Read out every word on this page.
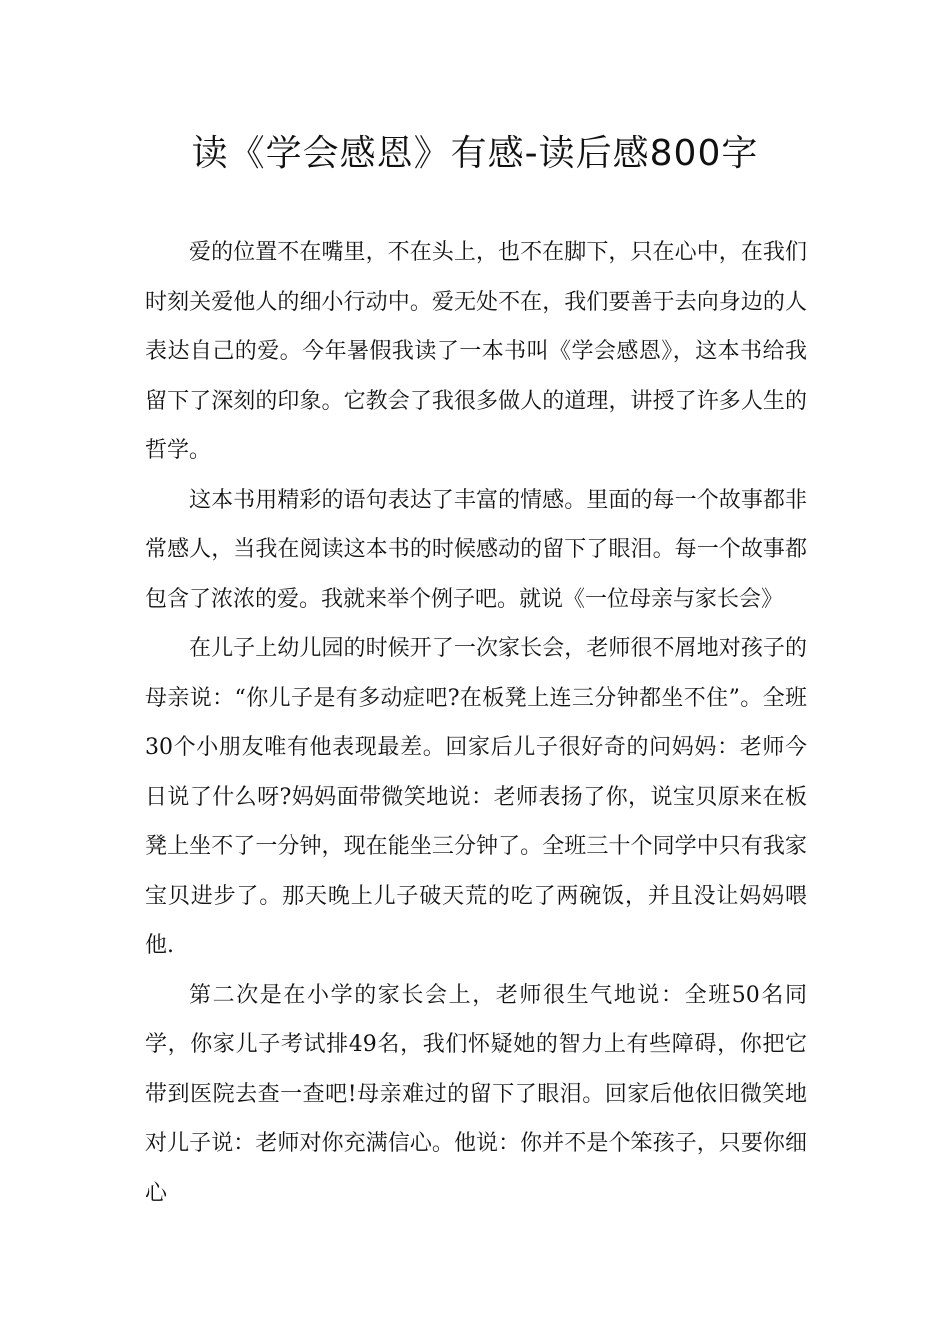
读《学会感恩》有感-读后感800字

爱的位置不在嘴里，不在头上，也不在脚下，只在心中，在我们时刻关爱他人的细小行动中。爱无处不在，我们要善于去向身边的人表达自己的爱。今年暑假我读了一本书叫《学会感恩》，这本书给我留下了深刻的印象。它教会了我很多做人的道理，讲授了许多人生的哲学。

这本书用精彩的语句表达了丰富的情感。里面的每一个故事都非常感人，当我在阅读这本书的时候感动的留下了眼泪。每一个故事都包含了浓浓的爱。我就来举个例子吧。就说《一位母亲与家长会》

在儿子上幼儿园的时候开了一次家长会，老师很不屑地对孩子的母亲说：“你儿子是有多动症吧?在板凳上连三分钟都坐不住”。全班30个小朋友唯有他表现最差。回家后儿子很好奇的问妈妈：老师今日说了什么呀?妈妈面带微笑地说：老师表扬了你，说宝贝原来在板凳上坐不了一分钟，现在能坐三分钟了。全班三十个同学中只有我家宝贝进步了。那天晚上儿子破天荒的吃了两碗饭，并且没让妈妈喂他.

第二次是在小学的家长会上，老师很生气地说：全班50名同学，你家儿子考试排49名，我们怀疑她的智力上有些障碍，你把它带到医院去查一查吧!母亲难过的留下了眼泪。回家后他依旧微笑地对儿子说：老师对你充满信心。他说：你并不是个笨孩子，只要你细心
